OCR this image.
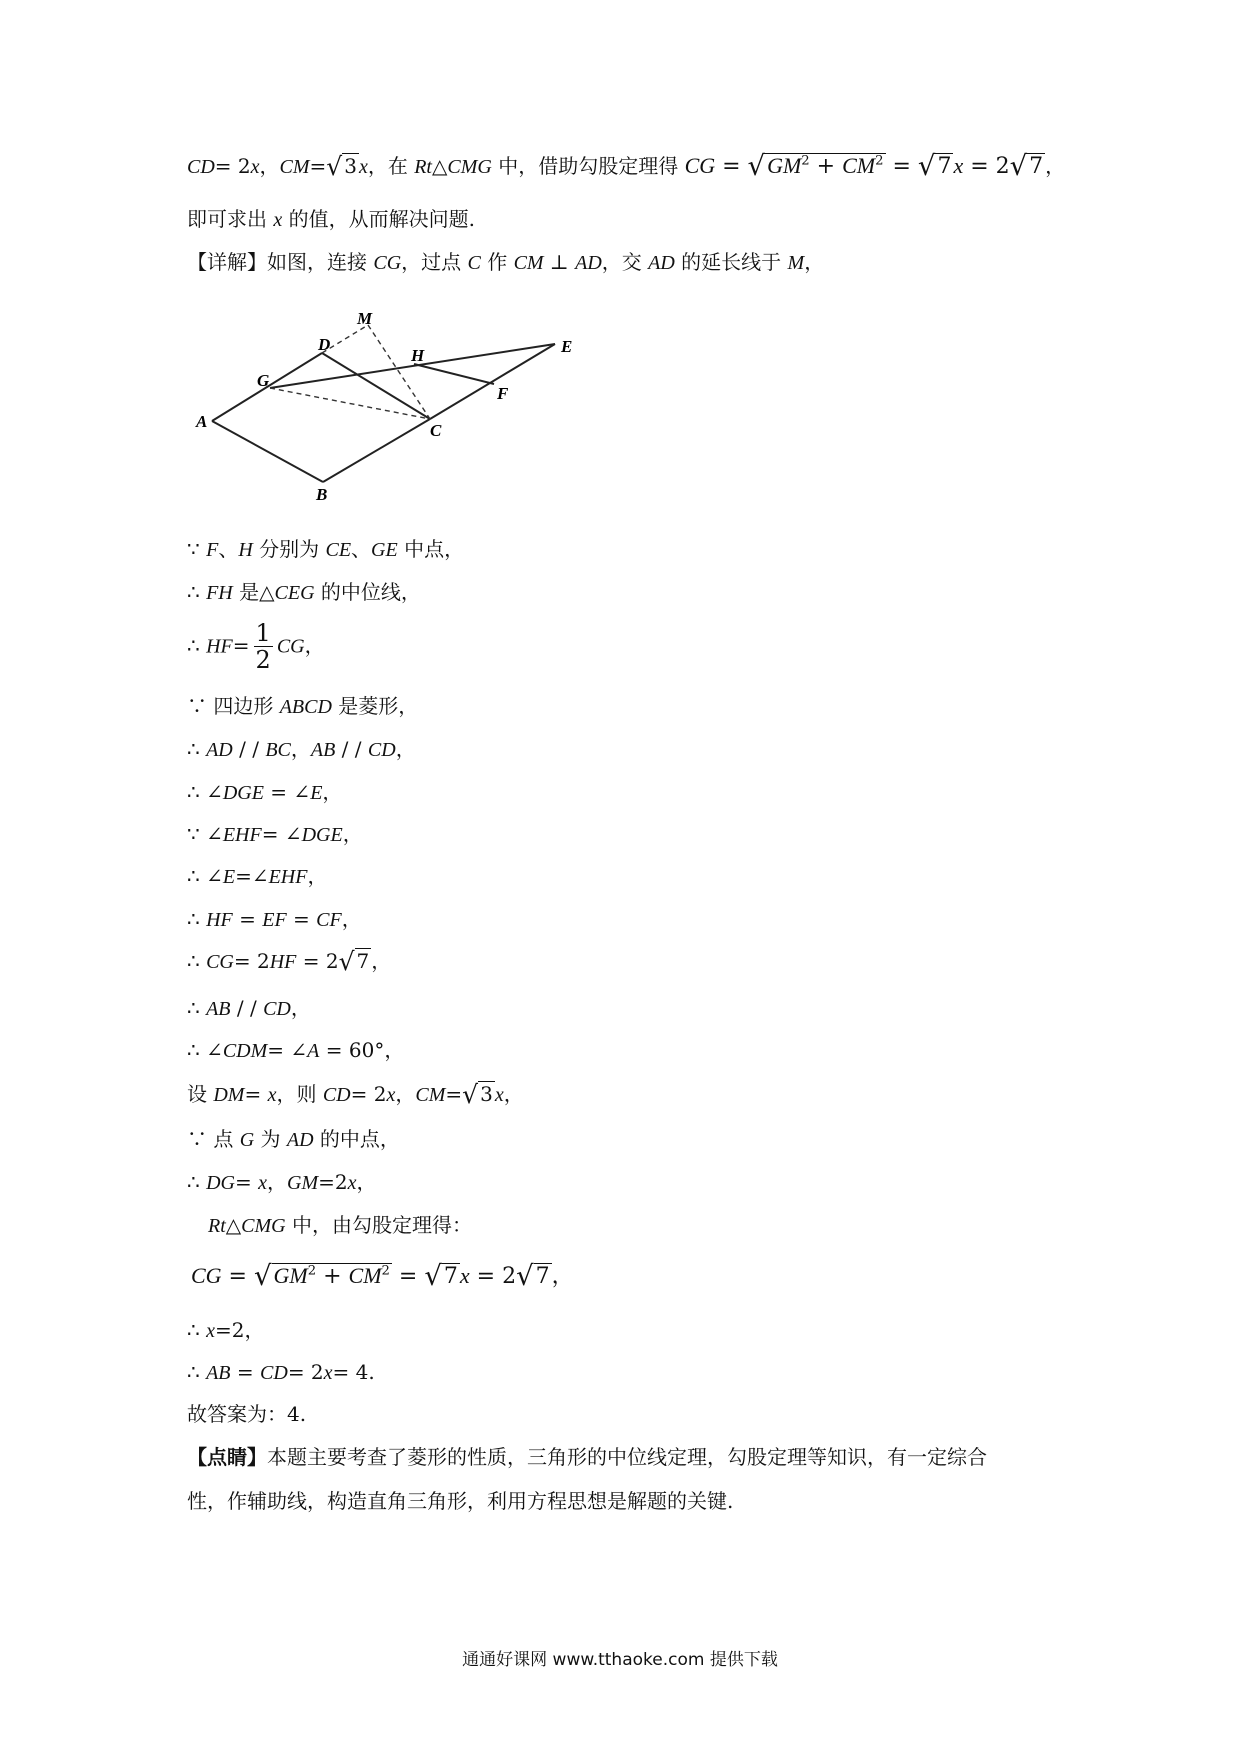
CD= 2x，CM=√ 3 x，在 Rt△CMG 中，借助勾股定理得 CG = $√GM^2 + CM^2 = √7x = 2√7$ ，
即可求出 x 的值，从而解决问题.
【详解】如图，连接 CG，过点 C 作 CM ⊥ AD，交 AD 的延长线于 M，
A
B
C
D	E
F
G
H
M
∵ F、H 分别为 CE、GE 中点，
∴ FH 是△CEG 的中位线，
∴ $HF= \frac{1}{2}$ CG，
∵ 四边形 ABCD 是菱形，
∴ AD / / BC，AB / / CD，
∴ ∠DGE = ∠E，
∵ ∠EHF= ∠DGE，
∴ ∠E=∠EHF，
∴ HF = EF = CF，
∴ CG= 2HF = 2√ 7 ，
∴ AB / / CD，
∴ ∠CDM= ∠A = 60°，
设 DM= x，则 CD= 2x，CM=√ 3 x，
∵ 点 G 为 AD 的中点，
∴ DG= x，GM=2x，
Rt△CMG 中，由勾股定理得：
CG = $√GM^2 + CM^2 = √7x = 2√7$，
∴ x=2，
∴ AB = CD= 2x= 4.
故答案为：4.
【点睛】本题主要考查了菱形的性质，三角形的中位线定理，勾股定理等知识，有一定综合
性，作辅助线，构造直角三角形，利用方程思想是解题的关键.
通通好课网 www.tthaoke.com 提供下载
